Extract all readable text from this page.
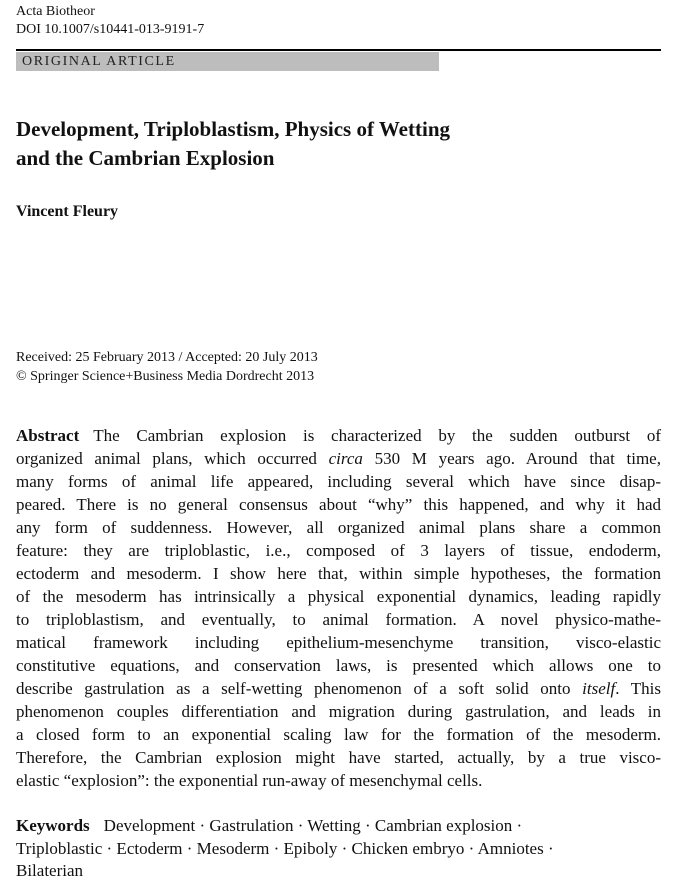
Acta Biotheor
DOI 10.1007/s10441-013-9191-7
ORIGINAL ARTICLE
Development, Triploblastism, Physics of Wetting
and the Cambrian Explosion
Vincent Fleury
Received: 25 February 2013 / Accepted: 20 July 2013
© Springer Science+Business Media Dordrecht 2013
Abstract The Cambrian explosion is characterized by the sudden outburst of
organized animal plans, which occurred circa 530 M years ago. Around that time,
many forms of animal life appeared, including several which have since disap-
peared. There is no general consensus about “why” this happened, and why it had
any form of suddenness. However, all organized animal plans share a common
feature: they are triploblastic, i.e., composed of 3 layers of tissue, endoderm,
ectoderm and mesoderm. I show here that, within simple hypotheses, the formation
of the mesoderm has intrinsically a physical exponential dynamics, leading rapidly
to triploblastism, and eventually, to animal formation. A novel physico-mathe-
matical framework including epithelium-mesenchyme transition, visco-elastic
constitutive equations, and conservation laws, is presented which allows one to
describe gastrulation as a self-wetting phenomenon of a soft solid onto itself. This
phenomenon couples differentiation and migration during gastrulation, and leads in
a closed form to an exponential scaling law for the formation of the mesoderm.
Therefore, the Cambrian explosion might have started, actually, by a true visco-
elastic “explosion”: the exponential run-away of mesenchymal cells.
Keywords Development · Gastrulation · Wetting · Cambrian explosion ·
Triploblastic · Ectoderm · Mesoderm · Epiboly · Chicken embryo · Amniotes ·
Bilaterian
